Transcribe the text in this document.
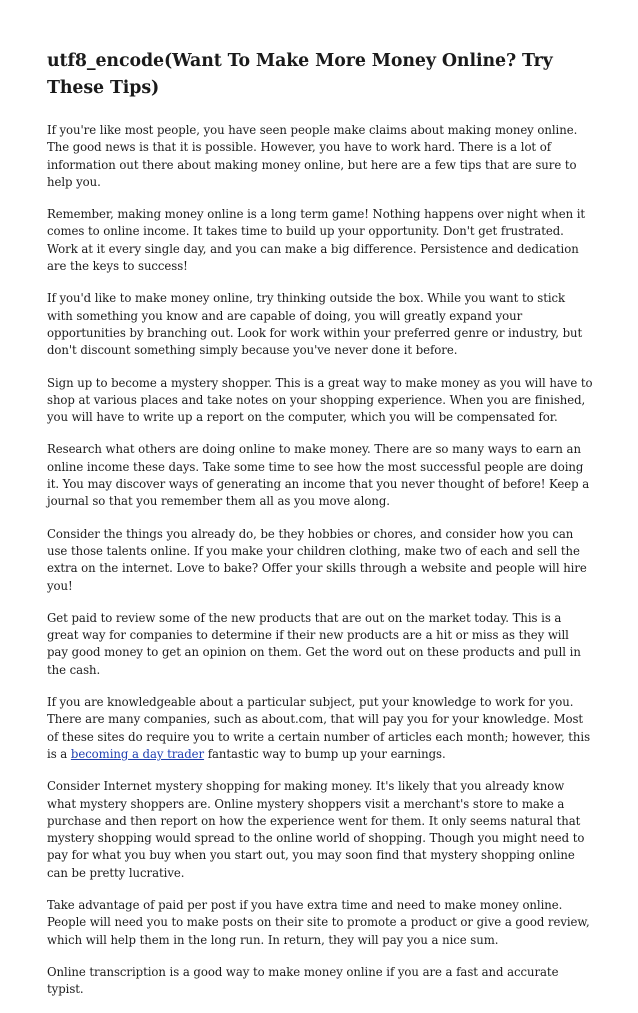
utf8_encode(Want To Make More Money Online? Try These Tips)

If you're like most people, you have seen people make claims about making money online. The good news is that it is possible. However, you have to work hard. There is a lot of information out there about making money online, but here are a few tips that are sure to help you.

Remember, making money online is a long term game! Nothing happens over night when it comes to online income. It takes time to build up your opportunity. Don't get frustrated. Work at it every single day, and you can make a big difference. Persistence and dedication are the keys to success!

If you'd like to make money online, try thinking outside the box. While you want to stick with something you know and are capable of doing, you will greatly expand your opportunities by branching out. Look for work within your preferred genre or industry, but don't discount something simply because you've never done it before.

Sign up to become a mystery shopper. This is a great way to make money as you will have to shop at various places and take notes on your shopping experience. When you are finished, you will have to write up a report on the computer, which you will be compensated for.

Research what others are doing online to make money. There are so many ways to earn an online income these days. Take some time to see how the most successful people are doing it. You may discover ways of generating an income that you never thought of before! Keep a journal so that you remember them all as you move along.

Consider the things you already do, be they hobbies or chores, and consider how you can use those talents online. If you make your children clothing, make two of each and sell the extra on the internet. Love to bake? Offer your skills through a website and people will hire you!

Get paid to review some of the new products that are out on the market today. This is a great way for companies to determine if their new products are a hit or miss as they will pay good money to get an opinion on them. Get the word out on these products and pull in the cash.

If you are knowledgeable about a particular subject, put your knowledge to work for you. There are many companies, such as about.com, that will pay you for your knowledge. Most of these sites do require you to write a certain number of articles each month; however, this is a becoming a day trader fantastic way to bump up your earnings.

Consider Internet mystery shopping for making money. It's likely that you already know what mystery shoppers are. Online mystery shoppers visit a merchant's store to make a purchase and then report on how the experience went for them. It only seems natural that mystery shopping would spread to the online world of shopping. Though you might need to pay for what you buy when you start out, you may soon find that mystery shopping online can be pretty lucrative.

Take advantage of paid per post if you have extra time and need to make money online. People will need you to make posts on their site to promote a product or give a good review, which will help them in the long run. In return, they will pay you a nice sum.

Online transcription is a good way to make money online if you are a fast and accurate typist.
